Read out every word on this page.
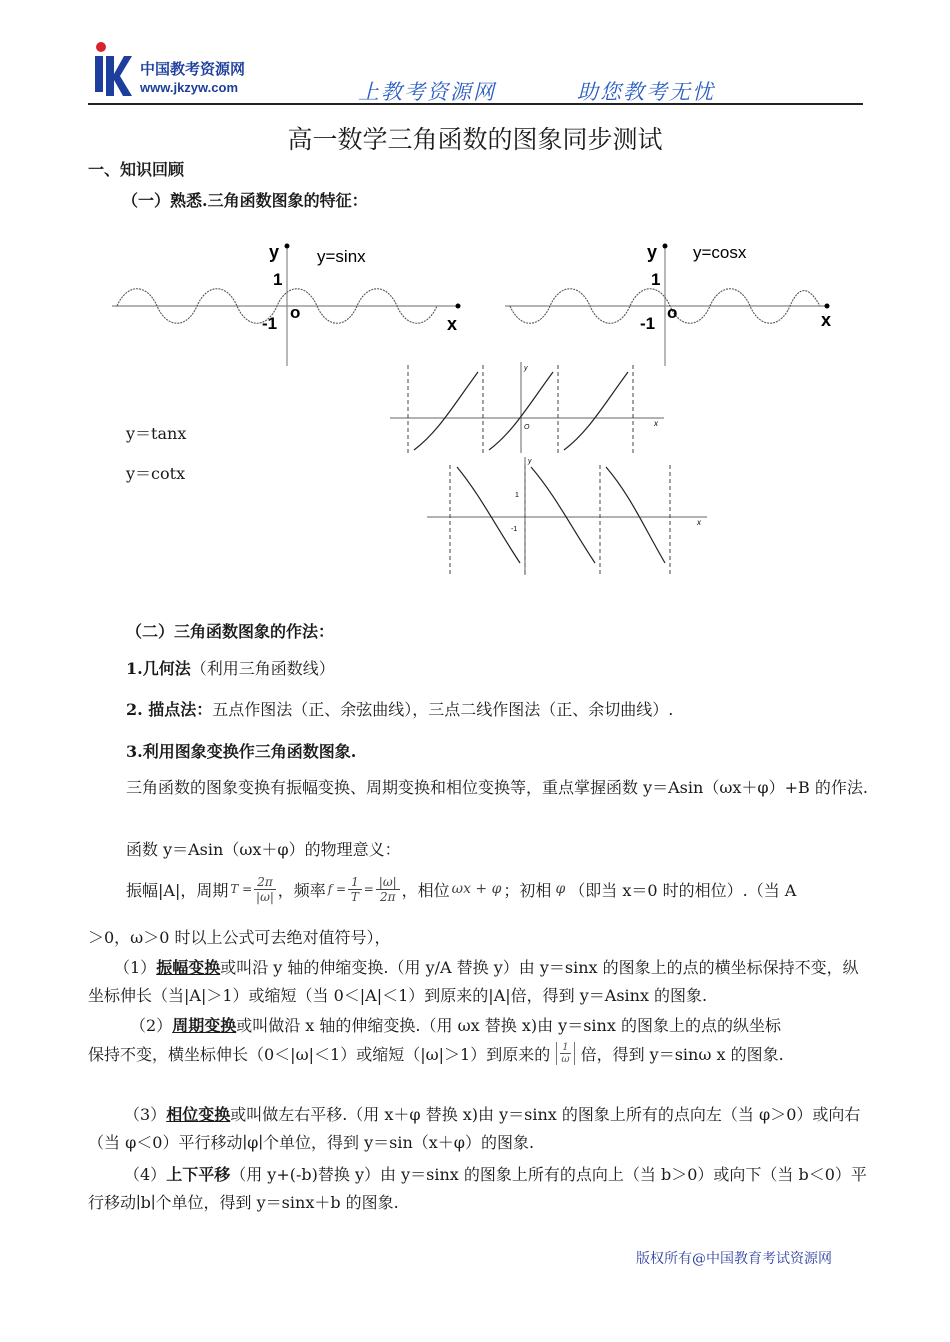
中国教考资源网
www.jkzyw.com	上教考资源网	助您教考无忧
高一数学三角函数的图象同步测试
一、知识回顾
（一）熟悉.三角函数图象的特征：
y
1
-1
o
x
y=sinx	y
1
-1
o	x
y=cosx
y
O	x
y
1
-1
x
y＝tanx
y＝cotx
（二）三角函数图象的作法：
1.几何法（利用三角函数线）
2. 描点法：五点作图法（正、余弦曲线），三点二线作图法（正、余切曲线）.
3.利用图象变换作三角函数图象.
三角函数的图象变换有振幅变换、周期变换和相位变换等，重点掌握函数 y＝Asin（ωx＋φ）+B 的作法.
函数 y＝Asin（ωx＋φ）的物理意义：
振幅|A|，周期 $T = \frac{2\pi}{|\omega|}$ ，频率 $f = \frac{1}{T} = \frac{|\omega|}{2\pi}$ ，相位 ωx + φ ；初相 φ （即当 x＝0 时的相位）.（当 A
＞0，ω＞0 时以上公式可去绝对值符号），
（1）振幅变换或叫沿 y 轴的伸缩变换.（用 y/A 替换 y）由 y＝sinx 的图象上的点的横坐标保持不变，纵坐标伸长（当|A|＞1）或缩短（当 0＜|A|＜1）到原来的|A|倍，得到 y＝Asinx 的图象.
（2）周期变换或叫做沿 x 轴的伸缩变换.（用 ωx 替换 x)由 y＝sinx 的图象上的点的纵坐标
保持不变，横坐标伸长（0＜|ω|＜1）或缩短（|ω|＞1）到原来的 1
ω 倍，得到 y＝sinω x 的图象.
（3）相位变换或叫做左右平移.（用 x＋φ 替换 x)由 y＝sinx 的图象上所有的点向左（当 φ＞0）或向右（当 φ＜0）平行移动∣φ∣个单位，得到 y＝sin（x＋φ）的图象.
（4）上下平移（用 y+(-b)替换 y）由 y＝sinx 的图象上所有的点向上（当 b＞0）或向下（当 b＜0）平行移动∣b∣个单位，得到 y＝sinx＋b 的图象.
版权所有@中国教育考试资源网
